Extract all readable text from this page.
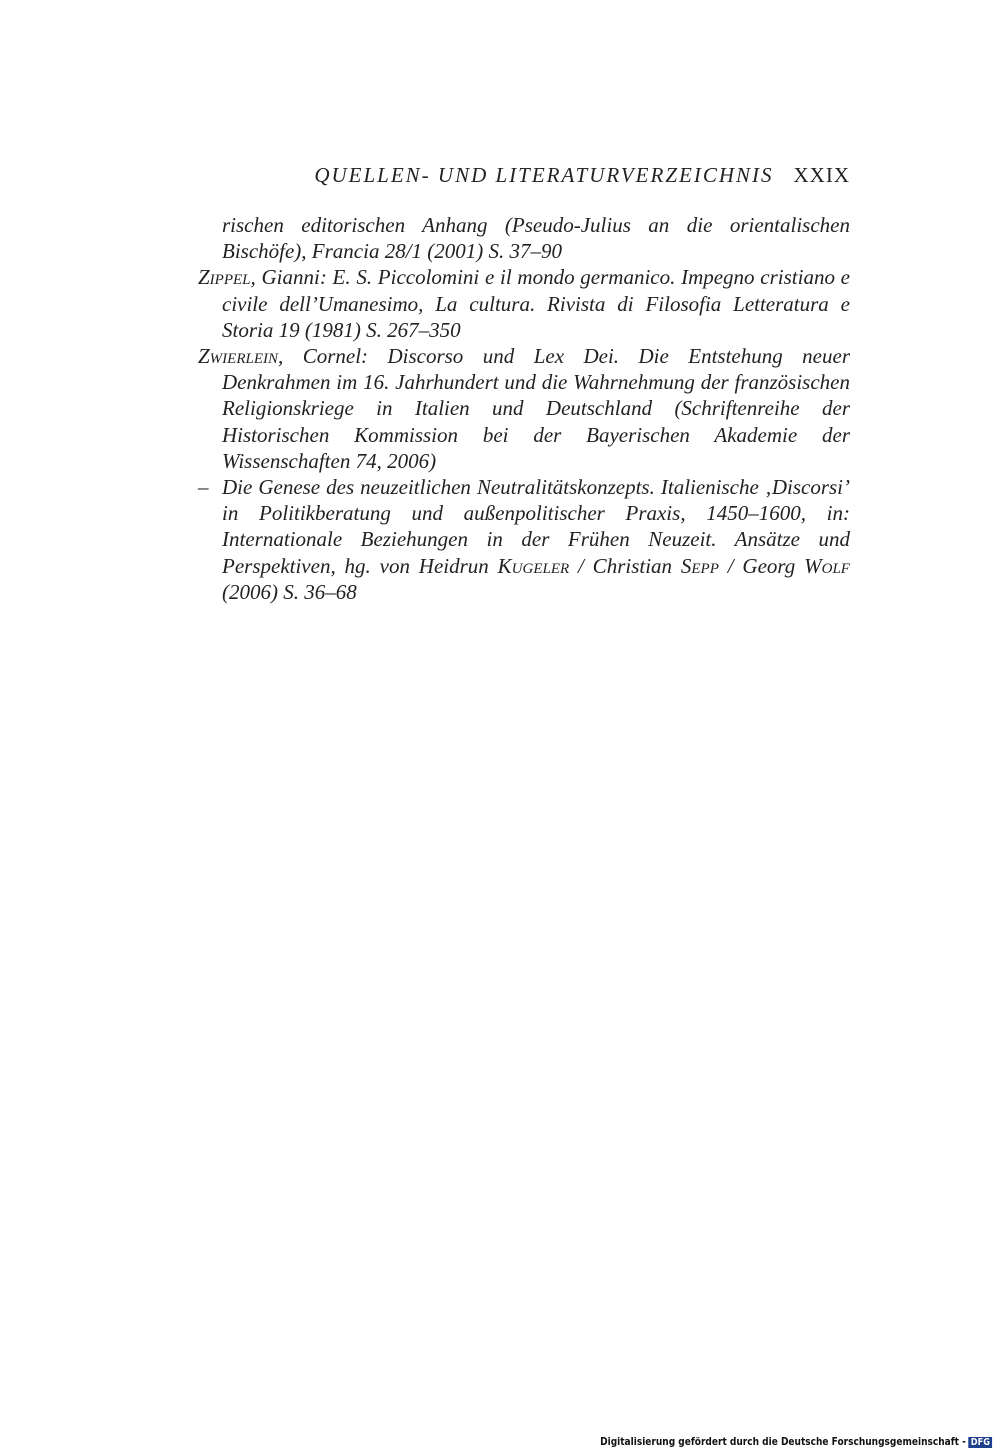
QUELLEN- UND LITERATURVERZEICHNIS XXIX

rischen editorischen Anhang (Pseudo-Julius an die orientalischen Bischöfe), Francia 28/1 (2001) S. 37–90

Zippel, Gianni: E. S. Piccolomini e il mondo germanico. Impegno cristiano e civile dell’Umanesimo, La cultura. Rivista di Filosofia Letteratura e Storia 19 (1981) S. 267–350

Zwierlein, Cornel: Discorso und Lex Dei. Die Entstehung neuer Denkrahmen im 16. Jahrhundert und die Wahrnehmung der französischen Religionskriege in Italien und Deutschland (Schriftenreihe der Historischen Kommission bei der Bayerischen Akademie der Wissenschaften 74, 2006)

– Die Genese des neuzeitlichen Neutralitätskonzepts. Italienische ‚Discorsi’ in Politikberatung und außenpolitischer Praxis, 1450–1600, in: Internationale Beziehungen in der Frühen Neuzeit. Ansätze und Perspektiven, hg. von Heidrun Kugeler / Christian Sepp / Georg Wolf (2006) S. 36–68

Digitalisierung gefördert durch die Deutsche Forschungsgemeinschaft - DFG
